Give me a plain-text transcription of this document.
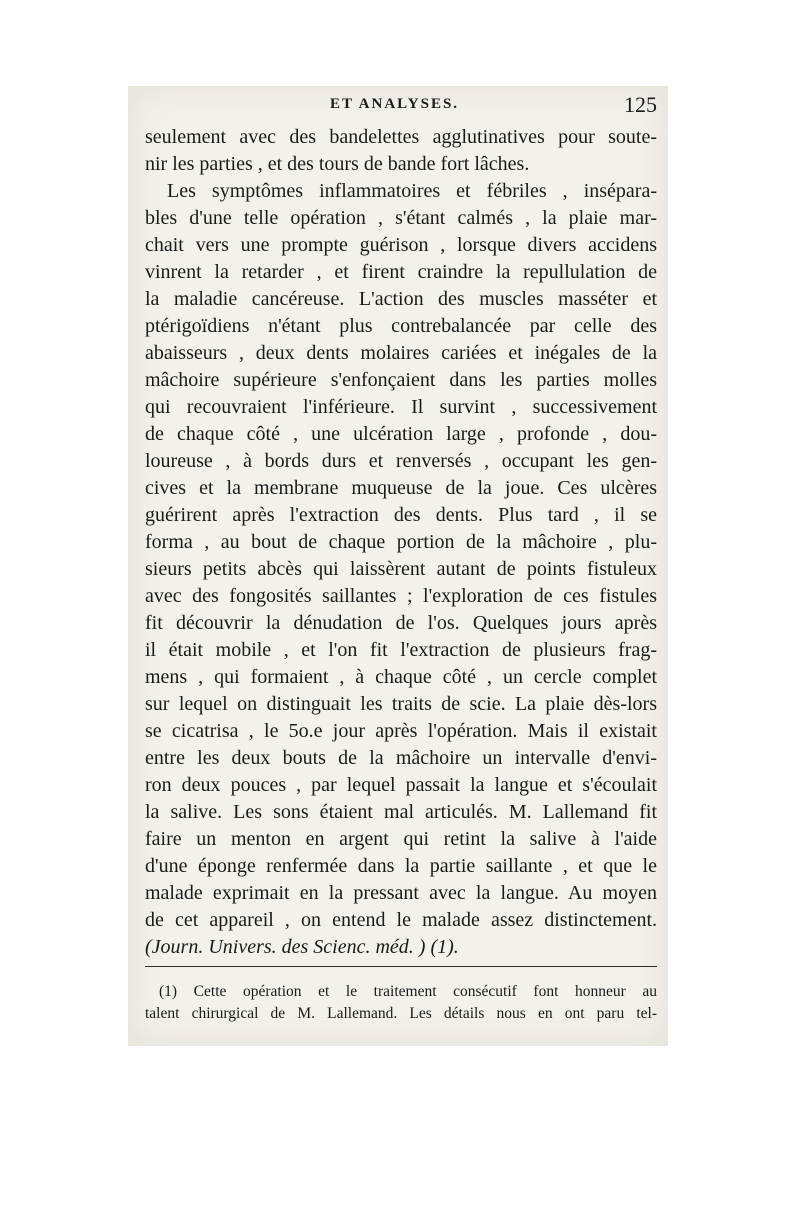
ET ANALYSES.	125
seulement avec des bandelettes agglutinatives pour soute-
nir les parties , et des tours de bande fort lâches.
Les symptômes inflammatoires et fébriles , insépara-
bles d'une telle opération , s'étant calmés , la plaie mar-
chait vers une prompte guérison , lorsque divers accidens
vinrent la retarder , et firent craindre la repullulation de
la maladie cancéreuse. L'action des muscles masséter et
ptérigoïdiens n'étant plus contrebalancée par celle des
abaisseurs , deux dents molaires cariées et inégales de la
mâchoire supérieure s'enfonçaient dans les parties molles
qui recouvraient l'inférieure. Il survint , successivement
de chaque côté , une ulcération large , profonde , dou-
loureuse , à bords durs et renversés , occupant les gen-
cives et la membrane muqueuse de la joue. Ces ulcères
guérirent après l'extraction des dents. Plus tard , il se
forma , au bout de chaque portion de la mâchoire , plu-
sieurs petits abcès qui laissèrent autant de points fistuleux
avec des fongosités saillantes ; l'exploration de ces fistules
fit découvrir la dénudation de l'os. Quelques jours après
il était mobile , et l'on fit l'extraction de plusieurs frag-
mens , qui formaient , à chaque côté , un cercle complet
sur lequel on distinguait les traits de scie. La plaie dès-lors
se cicatrisa , le 5o.e jour après l'opération. Mais il existait
entre les deux bouts de la mâchoire un intervalle d'envi-
ron deux pouces , par lequel passait la langue et s'écoulait
la salive. Les sons étaient mal articulés. M. Lallemand fit
faire un menton en argent qui retint la salive à l'aide
d'une éponge renfermée dans la partie saillante , et que le
malade exprimait en la pressant avec la langue. Au moyen
de cet appareil , on entend le malade assez distinctement.
(Journ. Univers. des Scienc. méd. ) (1).
(1) Cette opération et le traitement consécutif font honneur au
talent chirurgical de M. Lallemand. Les détails nous en ont paru tel-
